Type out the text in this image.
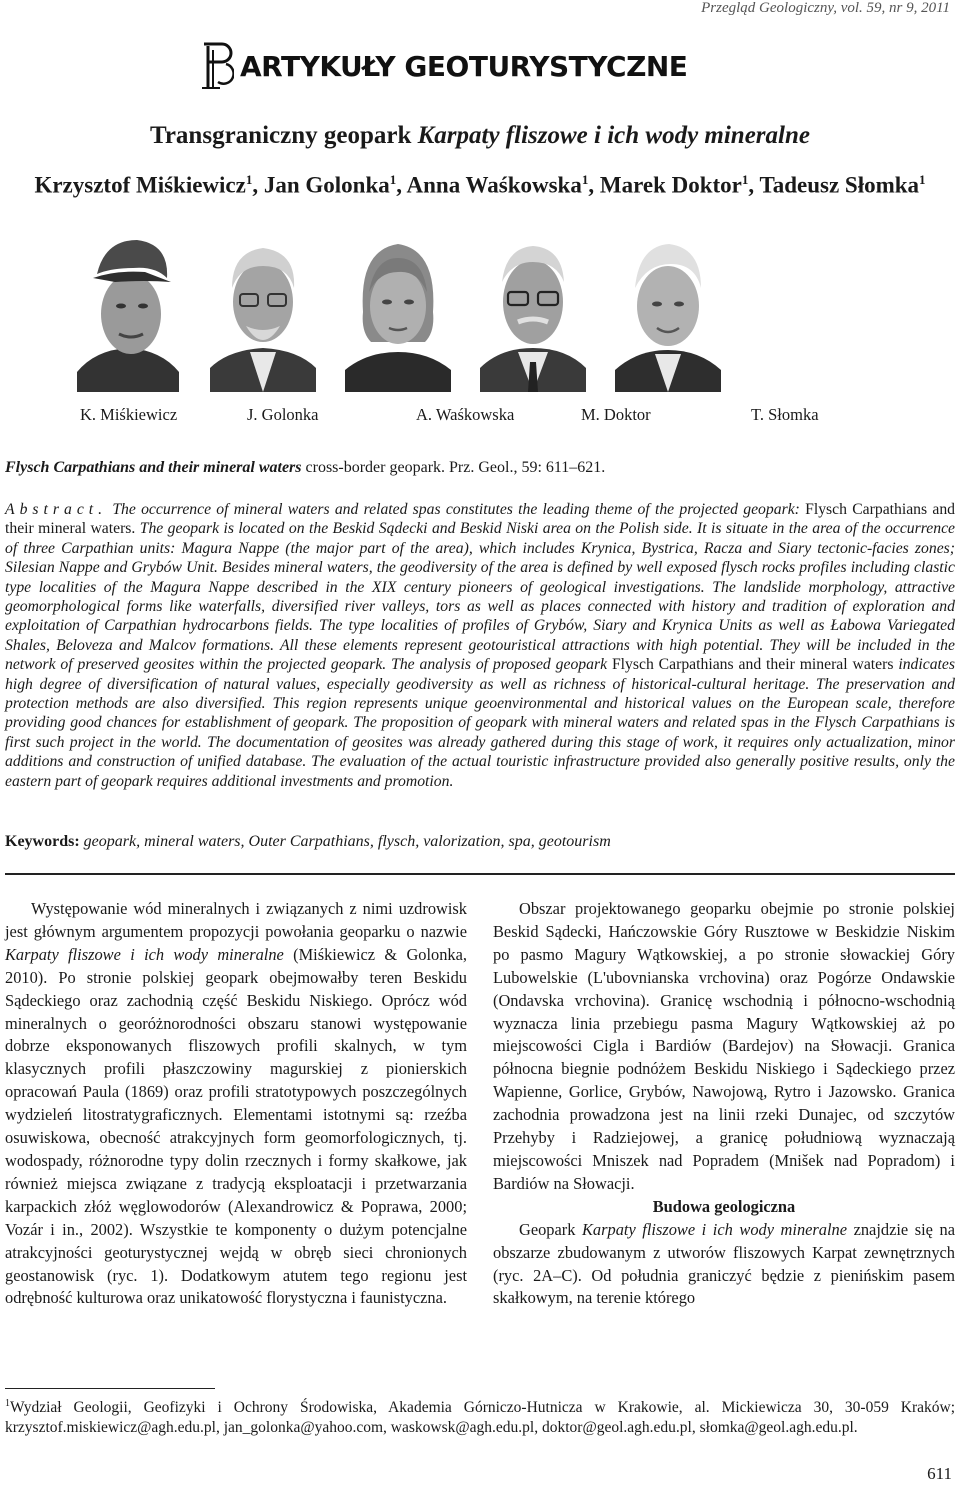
Przegląd Geologiczny, vol. 59, nr 9, 2011
ARTYKUŁY GEOTURYSTYCZNE
Transgraniczny geopark Karpaty fliszowe i ich wody mineralne
Krzysztof Miśkiewicz$^1$, Jan Golonka$^1$, Anna Waśkowska$^1$, Marek Doktor$^1$, Tadeusz Słomka$^1$
K. Miśkiewicz	J. Golonka	A. Waśkowska	M. Doktor	T. Słomka
Flysch Carpathians and their mineral waters cross-border geopark. Prz. Geol., 59: 611–621.
Abstract. The occurrence of mineral waters and related spas constitutes the leading theme of the projected geopark: Flysch Carpathians and their mineral waters. The geopark is located on the Beskid Sądecki and Beskid Niski area on the Polish side. It is situate in the area of the occurrence of three Carpathian units: Magura Nappe (the major part of the area), which includes Krynica, Bystrica, Racza and Siary tectonic-facies zones; Silesian Nappe and Grybów Unit. Besides mineral waters, the geodiversity of the area is defined by well exposed flysch rocks profiles including clastic type localities of the Magura Nappe described in the XIX century pioneers of geological investigations. The landslide morphology, attractive geomorphological forms like waterfalls, diversified river valleys, tors as well as places connected with history and tradition of exploration and exploitation of Carpathian hydrocarbons fields. The type localities of profiles of Grybów, Siary and Krynica Units as well as Łabowa Variegated Shales, Beloveza and Malcov formations. All these elements represent geotouristical attractions with high potential. They will be included in the network of preserved geosites within the projected geopark. The analysis of proposed geopark Flysch Carpathians and their mineral waters indicates high degree of diversification of natural values, especially geodiversity as well as richness of historical-cultural heritage. The preservation and protection methods are also diversified. This region represents unique geoenvironmental and historical values on the European scale, therefore providing good chances for establishment of geopark. The proposition of geopark with mineral waters and related spas in the Flysch Carpathians is first such project in the world. The documentation of geosites was already gathered during this stage of work, it requires only actualization, minor additions and construction of unified database. The evaluation of the actual touristic infrastructure provided also generally positive results, only the eastern part of geopark requires additional investments and promotion.
Keywords: geopark, mineral waters, Outer Carpathians, flysch, valorization, spa, geotourism

Występowanie wód mineralnych i związanych z nimi uzdrowisk jest głównym argumentem propozycji powołania geoparku o nazwie Karpaty fliszowe i ich wody mineralne (Miśkiewicz & Golonka, 2010). Po stronie polskiej geopark obejmowałby teren Beskidu Sądeckiego oraz zachodnią część Beskidu Niskiego. Oprócz wód mineralnych o georóżnorodności obszaru stanowi występowanie dobrze eksponowanych fliszowych profili skalnych, w tym klasycznych profili płaszczowiny magurskiej z pionierskich opracowań Paula (1869) oraz profili stratotypowych poszczególnych wydzieleń litostratygraficznych. Elementami istotnymi są: rzeźba osuwiskowa, obecność atrakcyjnych form geomorfologicznych, tj. wodospady, różnorodne typy dolin rzecznych i formy skałkowe, jak również miejsca związane z tradycją eksploatacji i przetwarzania karpackich złóż węglowodorów (Alexandrowicz & Poprawa, 2000; Vozár i in., 2002). Wszystkie te komponenty o dużym potencjalne atrakcyjności geoturystycznej wejdą w obręb sieci chronionych geostanowisk (ryc. 1). Dodatkowym atutem tego regionu jest odrębność kulturowa oraz unikatowość florystyczna i faunistyczna.

Obszar projektowanego geoparku obejmie po stronie polskiej Beskid Sądecki, Hańczowskie Góry Rusztowe w Beskidzie Niskim po pasmo Magury Wątkowskiej, a po stronie słowackiej Góry Lubowelskie (L'ubovnianska vrchovina) oraz Pogórze Ondawskie (Ondavska vrchovina). Granicę wschodnią i północno-wschodnią wyznacza linia przebiegu pasma Magury Wątkowskiej aż po miejscowości Cigla i Bardiów (Bardejov) na Słowacji. Granica północna biegnie podnóżem Beskidu Niskiego i Sądeckiego przez Wapienne, Gorlice, Grybów, Nawojową, Rytro i Jazowsko. Granica zachodnia prowadzona jest na linii rzeki Dunajec, od szczytów Przehyby i Radziejowej, a granicę południową wyznaczają miejscowości Mniszek nad Popradem (Mnišek nad Popradom) i Bardiów na Słowacji.

Budowa geologiczna

Geopark Karpaty fliszowe i ich wody mineralne znajdzie się na obszarze zbudowanym z utworów fliszowych Karpat zewnętrznych (ryc. 2A–C). Od południa graniczyć będzie z pienińskim pasem skałkowym, na terenie którego

$^1$Wydział Geologii, Geofizyki i Ochrony Środowiska, Akademia Górniczo-Hutnicza w Krakowie, al. Mickiewicza 30, 30-059 Kraków; krzysztof.miskiewicz@agh.edu.pl, jan_golonka@yahoo.com, waskowsk@agh.edu.pl, doktor@geol.agh.edu.pl, słomka@geol.agh.edu.pl.
611
